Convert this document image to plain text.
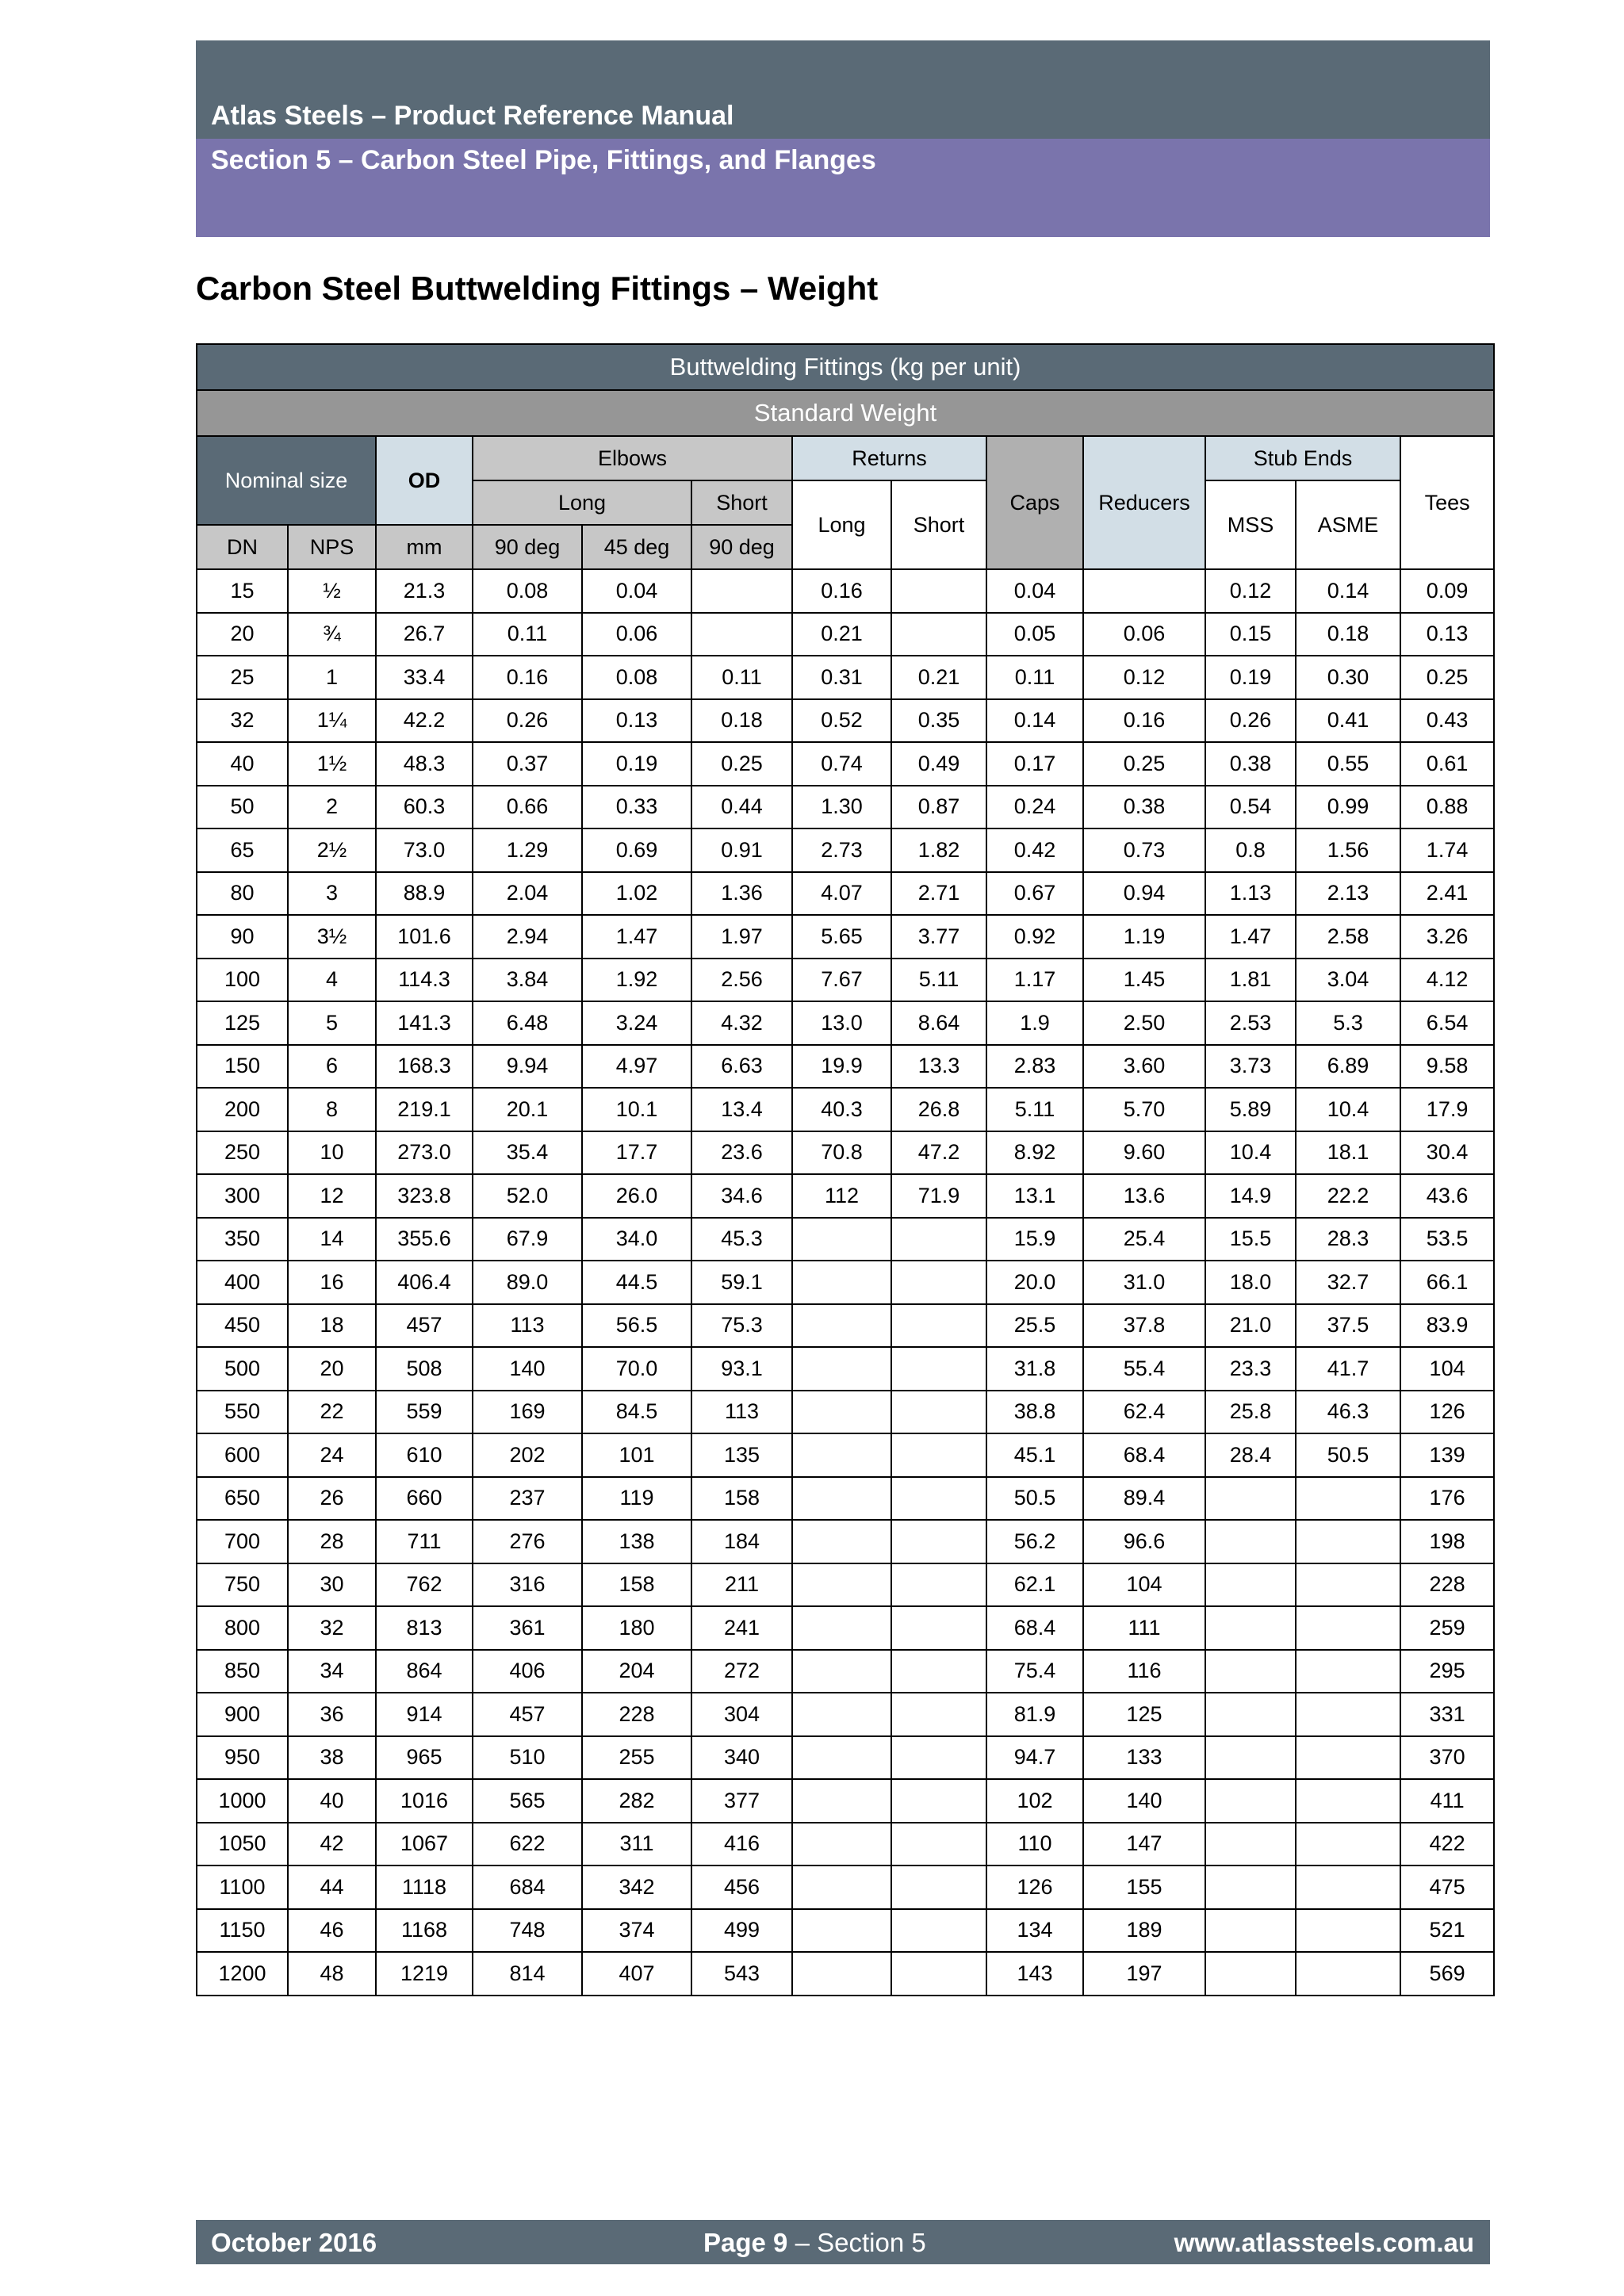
Atlas Steels – Product Reference Manual
Section 5 – Carbon Steel Pipe, Fittings, and Flanges
Carbon Steel Buttwelding Fittings – Weight
Buttwelding Fittings (kg per unit)												
Standard Weight												
Nominal size		OD	Elbows			Returns		Caps	Reducers	Stub Ends		Tees
			Long		Short	Long	Short			MSS	ASME	
DN	NPS	mm	90 deg	45 deg	90 deg							
15	½	21.3	0.08	0.04		0.16		0.04		0.12	0.14	0.09
20	¾	26.7	0.11	0.06		0.21		0.05	0.06	0.15	0.18	0.13
25	1	33.4	0.16	0.08	0.11	0.31	0.21	0.11	0.12	0.19	0.30	0.25
32	1¼	42.2	0.26	0.13	0.18	0.52	0.35	0.14	0.16	0.26	0.41	0.43
40	1½	48.3	0.37	0.19	0.25	0.74	0.49	0.17	0.25	0.38	0.55	0.61
50	2	60.3	0.66	0.33	0.44	1.30	0.87	0.24	0.38	0.54	0.99	0.88
65	2½	73.0	1.29	0.69	0.91	2.73	1.82	0.42	0.73	0.8	1.56	1.74
80	3	88.9	2.04	1.02	1.36	4.07	2.71	0.67	0.94	1.13	2.13	2.41
90	3½	101.6	2.94	1.47	1.97	5.65	3.77	0.92	1.19	1.47	2.58	3.26
100	4	114.3	3.84	1.92	2.56	7.67	5.11	1.17	1.45	1.81	3.04	4.12
125	5	141.3	6.48	3.24	4.32	13.0	8.64	1.9	2.50	2.53	5.3	6.54
150	6	168.3	9.94	4.97	6.63	19.9	13.3	2.83	3.60	3.73	6.89	9.58
200	8	219.1	20.1	10.1	13.4	40.3	26.8	5.11	5.70	5.89	10.4	17.9
250	10	273.0	35.4	17.7	23.6	70.8	47.2	8.92	9.60	10.4	18.1	30.4
300	12	323.8	52.0	26.0	34.6	112	71.9	13.1	13.6	14.9	22.2	43.6
350	14	355.6	67.9	34.0	45.3			15.9	25.4	15.5	28.3	53.5
400	16	406.4	89.0	44.5	59.1			20.0	31.0	18.0	32.7	66.1
450	18	457	113	56.5	75.3			25.5	37.8	21.0	37.5	83.9
500	20	508	140	70.0	93.1			31.8	55.4	23.3	41.7	104
550	22	559	169	84.5	113			38.8	62.4	25.8	46.3	126
600	24	610	202	101	135			45.1	68.4	28.4	50.5	139
650	26	660	237	119	158			50.5	89.4			176
700	28	711	276	138	184			56.2	96.6			198
750	30	762	316	158	211			62.1	104			228
800	32	813	361	180	241			68.4	111			259
850	34	864	406	204	272			75.4	116			295
900	36	914	457	228	304			81.9	125			331
950	38	965	510	255	340			94.7	133			370
1000	40	1016	565	282	377			102	140			411
1050	42	1067	622	311	416			110	147			422
1100	44	1118	684	342	456			126	155			475
1150	46	1168	748	374	499			134	189			521
1200	48	1219	814	407	543			143	197			569
October 2016	Page 9 – Section 5	www.atlassteels.com.au
